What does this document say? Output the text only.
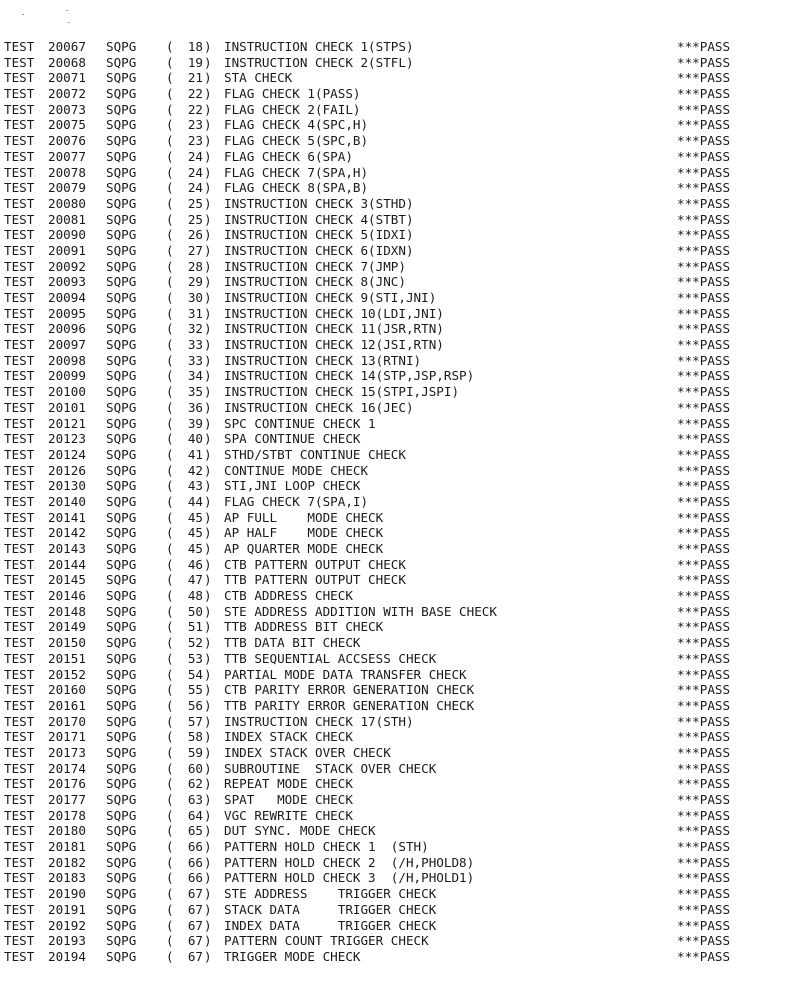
TEST 20067 SQPG (	18 ) INSTRUCTION CHECK 1(STPS)	***PASS
TEST 20068 SQPG (	19 ) INSTRUCTION CHECK 2(STFL)	***PASS
TEST 20071 SQPG (	21 ) STA CHECK	***PASS
TEST 20072 SQPG (	22 ) FLAG CHECK 1(PASS)	***PASS
TEST 20073 SQPG (	22 ) FLAG CHECK 2(FAIL)	***PASS
TEST 20075 SQPG (	23 ) FLAG CHECK 4(SPC,H)	***PASS
TEST 20076 SQPG (	23 ) FLAG CHECK 5(SPC,B)	***PASS
TEST 20077 SQPG (	24 ) FLAG CHECK 6(SPA)	***PASS
TEST 20078 SQPG (	24 ) FLAG CHECK 7(SPA,H)	***PASS
TEST 20079 SQPG (	24 ) FLAG CHECK 8(SPA,B)	***PASS
TEST 20080 SQPG (	25 ) INSTRUCTION CHECK 3(STHD)	***PASS
TEST 20081 SQPG (	25 ) INSTRUCTION CHECK 4(STBT)	***PASS
TEST 20090 SQPG (	26 ) INSTRUCTION CHECK 5(IDXI)	***PASS
TEST 20091 SQPG (	27 ) INSTRUCTION CHECK 6(IDXN)	***PASS
TEST 20092 SQPG (	28 ) INSTRUCTION CHECK 7(JMP)	***PASS
TEST 20093 SQPG (	29 ) INSTRUCTION CHECK 8(JNC)	***PASS
TEST 20094 SQPG (	30 ) INSTRUCTION CHECK 9(STI,JNI)	***PASS
TEST 20095 SQPG (	31 ) INSTRUCTION CHECK 10(LDI,JNI)	***PASS
TEST 20096 SQPG (	32 ) INSTRUCTION CHECK 11(JSR,RTN)	***PASS
TEST 20097 SQPG (	33 ) INSTRUCTION CHECK 12(JSI,RTN)	***PASS
TEST 20098 SQPG (	33 ) INSTRUCTION CHECK 13(RTNI)	***PASS
TEST 20099 SQPG (	34 ) INSTRUCTION CHECK 14(STP,JSP,RSP)	***PASS
TEST 20100 SQPG (	35 ) INSTRUCTION CHECK 15(STPI,JSPI)	***PASS
TEST 20101 SQPG (	36 ) INSTRUCTION CHECK 16(JEC)	***PASS
TEST 20121 SQPG (	39 ) SPC CONTINUE CHECK 1	***PASS
TEST 20123 SQPG (	40 ) SPA CONTINUE CHECK	***PASS
TEST 20124 SQPG (	41 ) STHD/STBT CONTINUE CHECK	***PASS
TEST 20126 SQPG (	42 ) CONTINUE MODE CHECK	***PASS
TEST 20130 SQPG (	43 ) STI,JNI LOOP CHECK	***PASS
TEST 20140 SQPG (	44 ) FLAG CHECK 7(SPA,I)	***PASS
TEST 20141 SQPG (	45 ) AP FULL    MODE CHECK	***PASS
TEST 20142 SQPG (	45 ) AP HALF    MODE CHECK	***PASS
TEST 20143 SQPG (	45 ) AP QUARTER MODE CHECK	***PASS
TEST 20144 SQPG (	46 ) CTB PATTERN OUTPUT CHECK	***PASS
TEST 20145 SQPG (	47 ) TTB PATTERN OUTPUT CHECK	***PASS
TEST 20146 SQPG (	48 ) CTB ADDRESS CHECK	***PASS
TEST 20148 SQPG (	50 ) STE ADDRESS ADDITION WITH BASE CHECK	***PASS
TEST 20149 SQPG (	51 ) TTB ADDRESS BIT CHECK	***PASS
TEST 20150 SQPG (	52 ) TTB DATA BIT CHECK	***PASS
TEST 20151 SQPG (	53 ) TTB SEQUENTIAL ACCSESS CHECK	***PASS
TEST 20152 SQPG (	54 ) PARTIAL MODE DATA TRANSFER CHECK	***PASS
TEST 20160 SQPG (	55 ) CTB PARITY ERROR GENERATION CHECK	***PASS
TEST 20161 SQPG (	56 ) TTB PARITY ERROR GENERATION CHECK	***PASS
TEST 20170 SQPG (	57 ) INSTRUCTION CHECK 17(STH)	***PASS
TEST 20171 SQPG (	58 ) INDEX STACK CHECK	***PASS
TEST 20173 SQPG (	59 ) INDEX STACK OVER CHECK	***PASS
TEST 20174 SQPG (	60 ) SUBROUTINE  STACK OVER CHECK	***PASS
TEST 20176 SQPG (	62 ) REPEAT MODE CHECK	***PASS
TEST 20177 SQPG (	63 ) SPAT   MODE CHECK	***PASS
TEST 20178 SQPG (	64 ) VGC REWRITE CHECK	***PASS
TEST 20180 SQPG (	65 ) DUT SYNC. MODE CHECK	***PASS
TEST 20181 SQPG (	66 ) PATTERN HOLD CHECK 1  (STH)	***PASS
TEST 20182 SQPG (	66 ) PATTERN HOLD CHECK 2  (/H,PHOLD8)	***PASS
TEST 20183 SQPG (	66 ) PATTERN HOLD CHECK 3  (/H,PHOLD1)	***PASS
TEST 20190 SQPG (	67 ) STE ADDRESS    TRIGGER CHECK	***PASS
TEST 20191 SQPG (	67 ) STACK DATA     TRIGGER CHECK	***PASS
TEST 20192 SQPG (	67 ) INDEX DATA     TRIGGER CHECK	***PASS
TEST 20193 SQPG (	67 ) PATTERN COUNT TRIGGER CHECK	***PASS
TEST 20194 SQPG (	67 ) TRIGGER MODE CHECK	***PASS
